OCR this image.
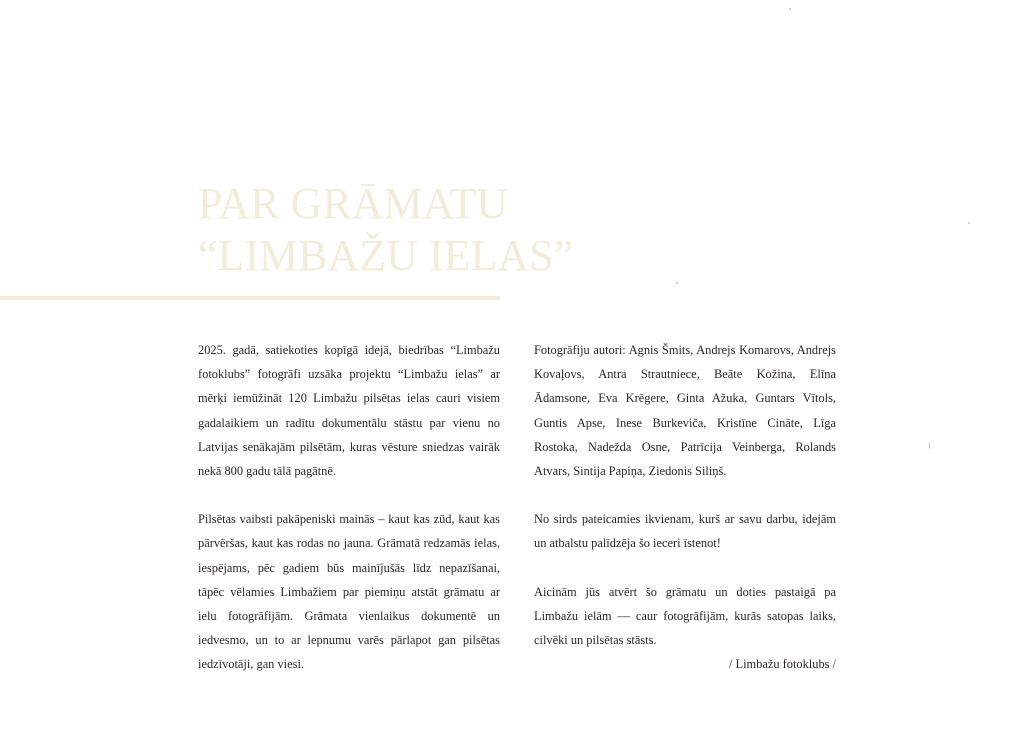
PAR GRĀMATU
“LIMBAŽU IELAS”

2025. gadā, satiekoties kopīgā idejā, biedrības “Limbažu fotoklubs” fotogrāfi uzsāka projektu “Limbažu ielas” ar mērķi iemūžināt 120 Limbažu pilsētas ielas cauri visiem gadalaikiem un radītu dokumentālu stāstu par vienu no Latvijas senākajām pilsētām, kuras vēsture sniedzas vairāk nekā 800 gadu tālā pagātnē.

Pilsētas vaibsti pakāpeniski mainās – kaut kas zūd, kaut kas pārvēršas, kaut kas rodas no jauna. Grāmatā redzamās ielas, iespējams, pēc gadiem būs mainījušās līdz nepazīšanai, tāpēc vēlamies Limbažiem par piemiņu atstāt grāmatu ar ielu fotogrāfijām. Grāmata vienlaikus dokumentē un iedvesmo, un to ar lepnumu varēs pārlapot gan pilsētas iedzīvotāji, gan viesi.

Fotogrāfiju autori: Agnis Šmits, Andrejs Komarovs, Andrejs Kovaļovs, Antra Strautniece, Beāte Kožina, Elīna Ādamsone, Eva Krēgere, Ginta Ažuka, Guntars Vītols, Guntis Apse, Inese Burkeviča, Kristīne Cināte, Līga Rostoka, Nadežda Osne, Patrīcija Veinberga, Rolands Atvars, Sintija Papiņa, Ziedonis Siliņš.

No sirds pateicamies ikvienam, kurš ar savu darbu, idejām un atbalstu palīdzēja šo ieceri īstenot!

Aicinām jūs atvērt šo grāmatu un doties pastaigā pa Limbažu ielām — caur fotogrāfijām, kurās satopas laiks, cilvēki un pilsētas stāsts.

/ Limbažu fotoklubs /
